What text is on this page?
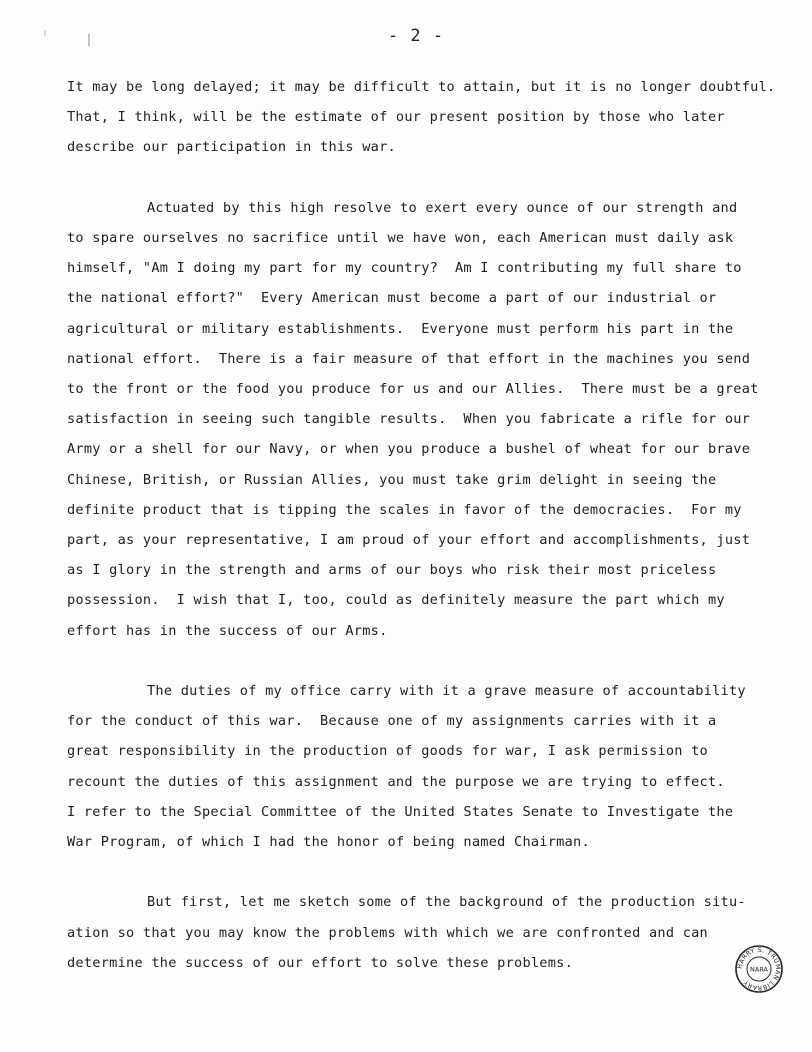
- 2 -

It may be long delayed; it may be difficult to attain, but it is no longer doubtful.
That, I think, will be the estimate of our present position by those who later
describe our participation in this war.

Actuated by this high resolve to exert every ounce of our strength and
to spare ourselves no sacrifice until we have won, each American must daily ask
himself, "Am I doing my part for my country?  Am I contributing my full share to
the national effort?"  Every American must become a part of our industrial or
agricultural or military establishments.  Everyone must perform his part in the
national effort.  There is a fair measure of that effort in the machines you send
to the front or the food you produce for us and our Allies.  There must be a great
satisfaction in seeing such tangible results.  When you fabricate a rifle for our
Army or a shell for our Navy, or when you produce a bushel of wheat for our brave
Chinese, British, or Russian Allies, you must take grim delight in seeing the
definite product that is tipping the scales in favor of the democracies.  For my
part, as your representative, I am proud of your effort and accomplishments, just
as I glory in the strength and arms of our boys who risk their most priceless
possession.  I wish that I, too, could as definitely measure the part which my
effort has in the success of our Arms.

The duties of my office carry with it a grave measure of accountability
for the conduct of this war.  Because one of my assignments carries with it a
great responsibility in the production of goods for war, I ask permission to
recount the duties of this assignment and the purpose we are trying to effect.
I refer to the Special Committee of the United States Senate to Investigate the
War Program, of which I had the honor of being named Chairman.

But first, let me sketch some of the background of the production situ-
ation so that you may know the problems with which we are confronted and can
determine the success of our effort to solve these problems.	HARRY S. TRUMAN LIBRARY
NARA
